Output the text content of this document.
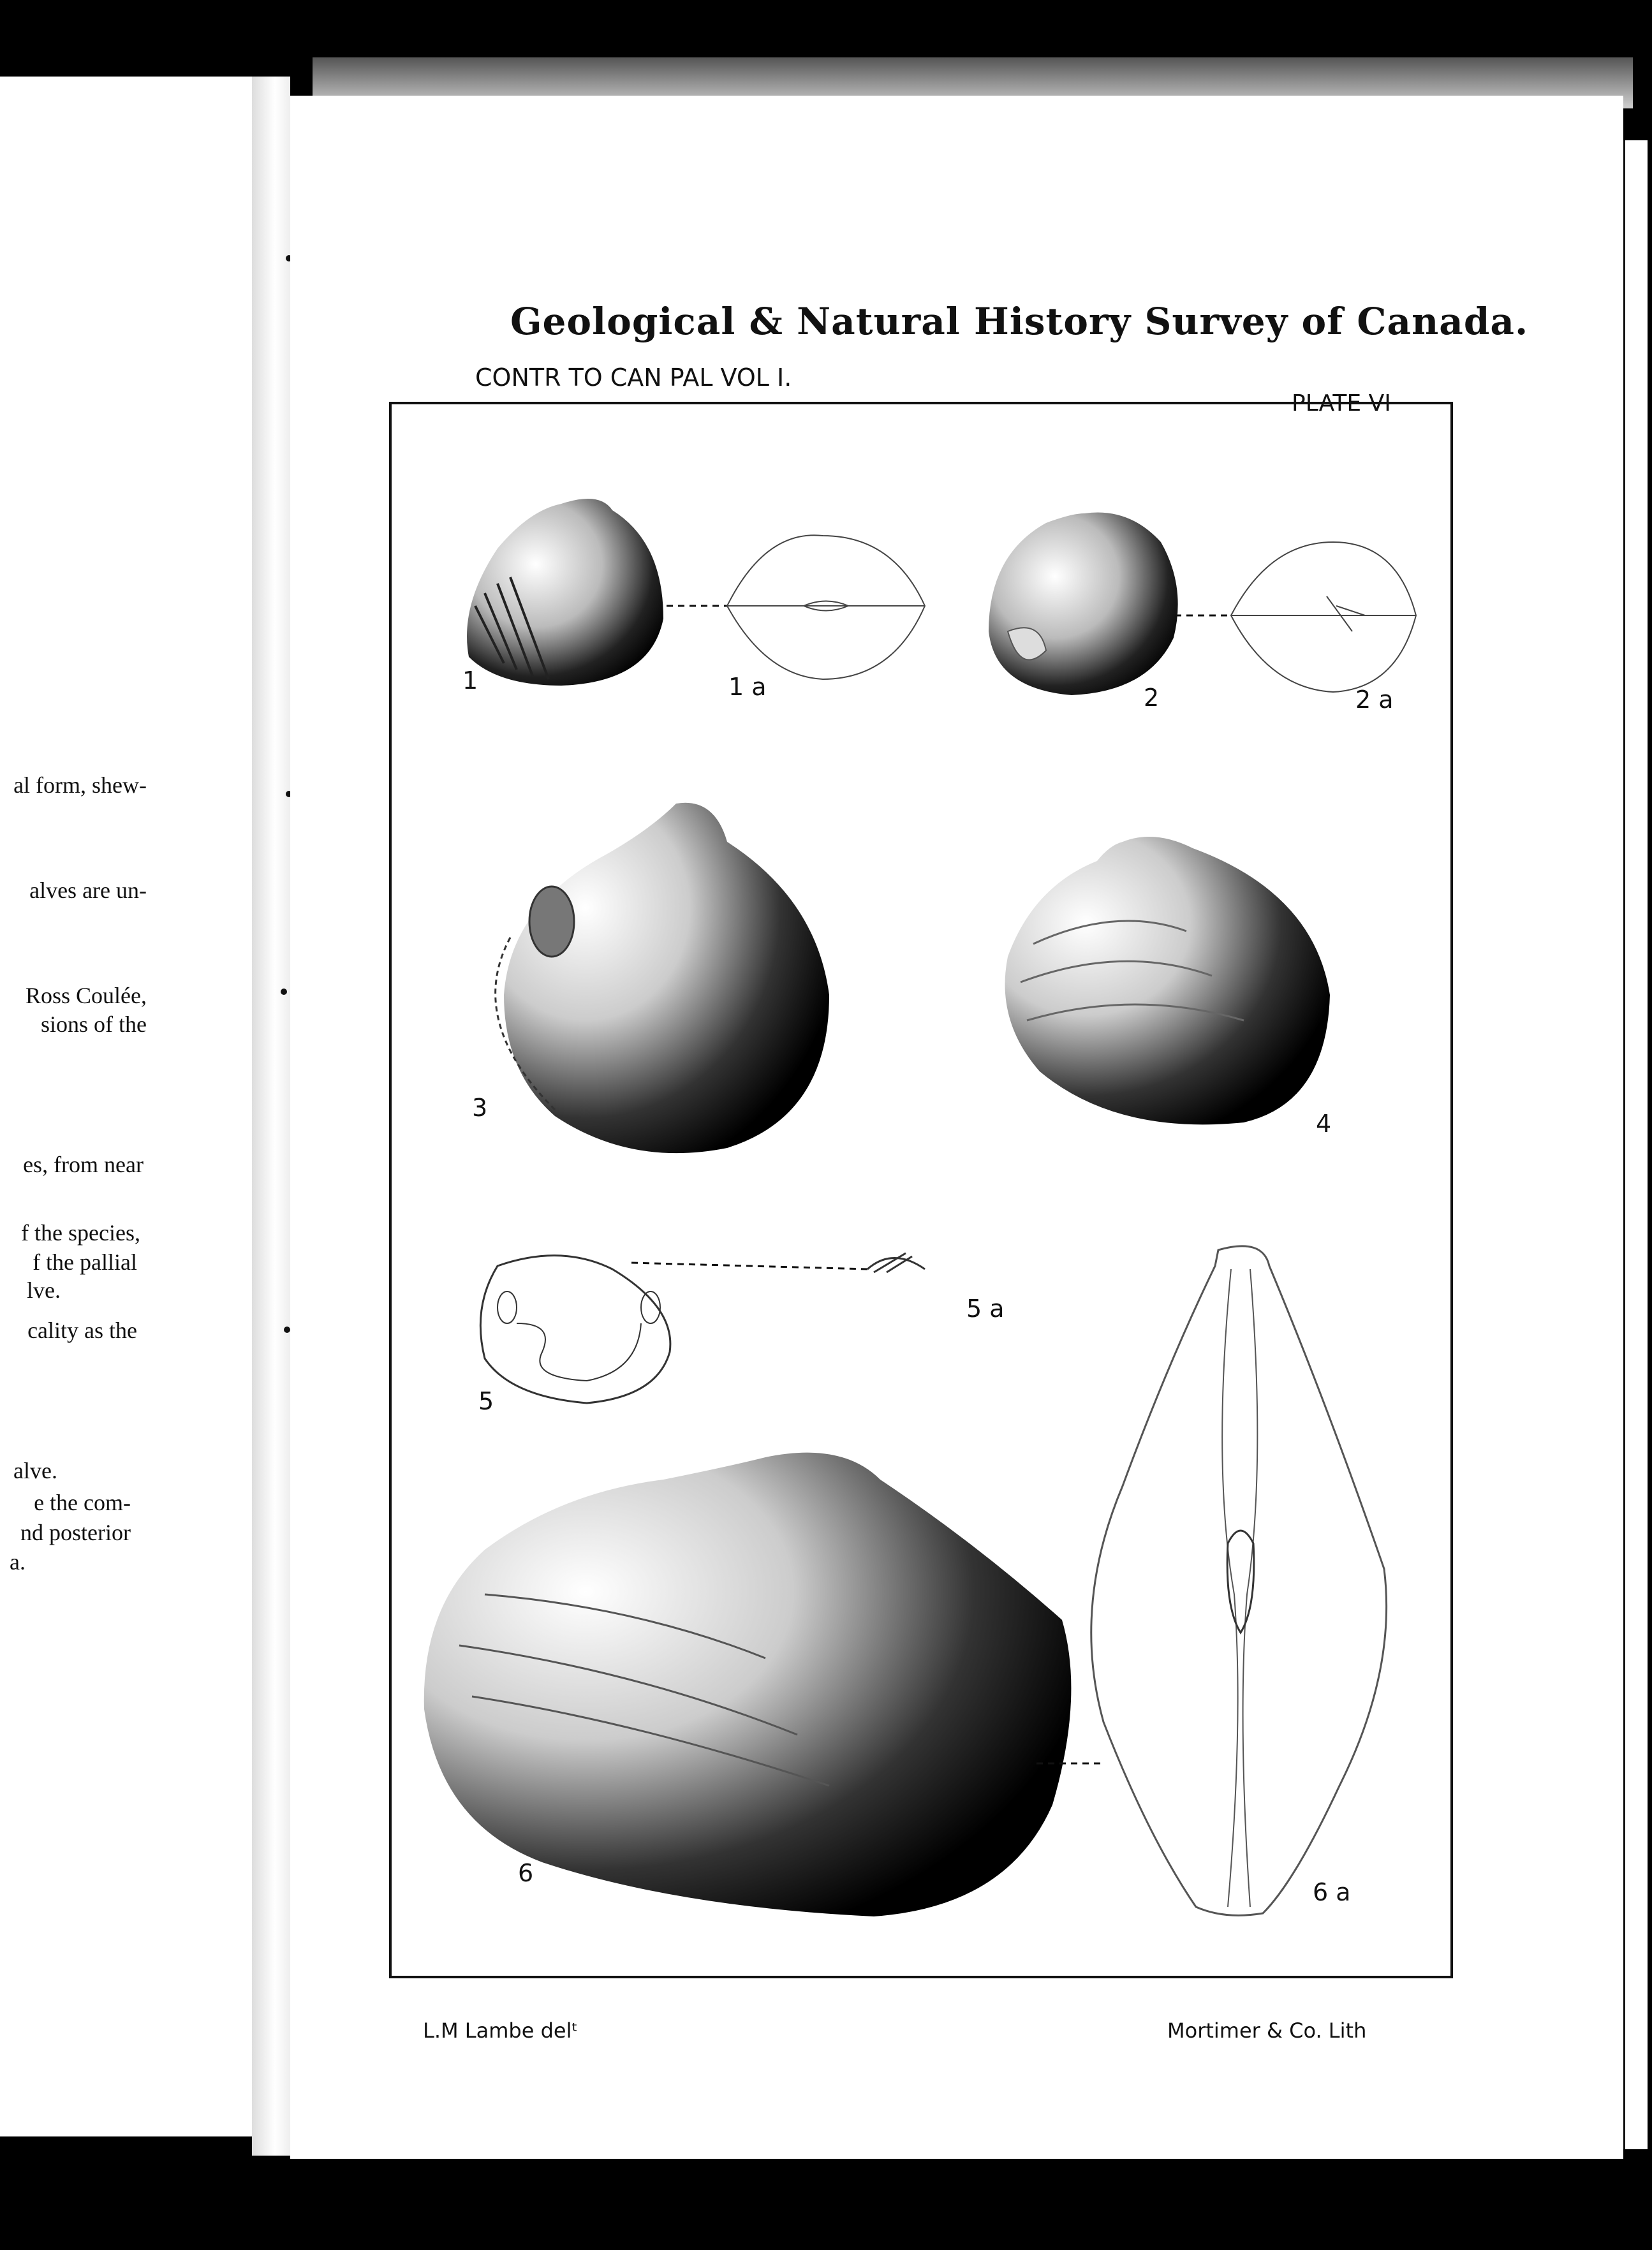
al form, shew-
alves are un-
Ross Coulée,
sions of the
es, from near
f the species,
f the pallial
lve.
cality as the
alve.
e the com-
nd posterior
a.
Geological & Natural History Survey of Canada.
CONTR TO CAN PAL VOL I.
PLATE VI
1	1 a	2	2 a
3
4
5
5 a
6
6 a
L.M Lambe delᵗ	Mortimer & Co. Lith
